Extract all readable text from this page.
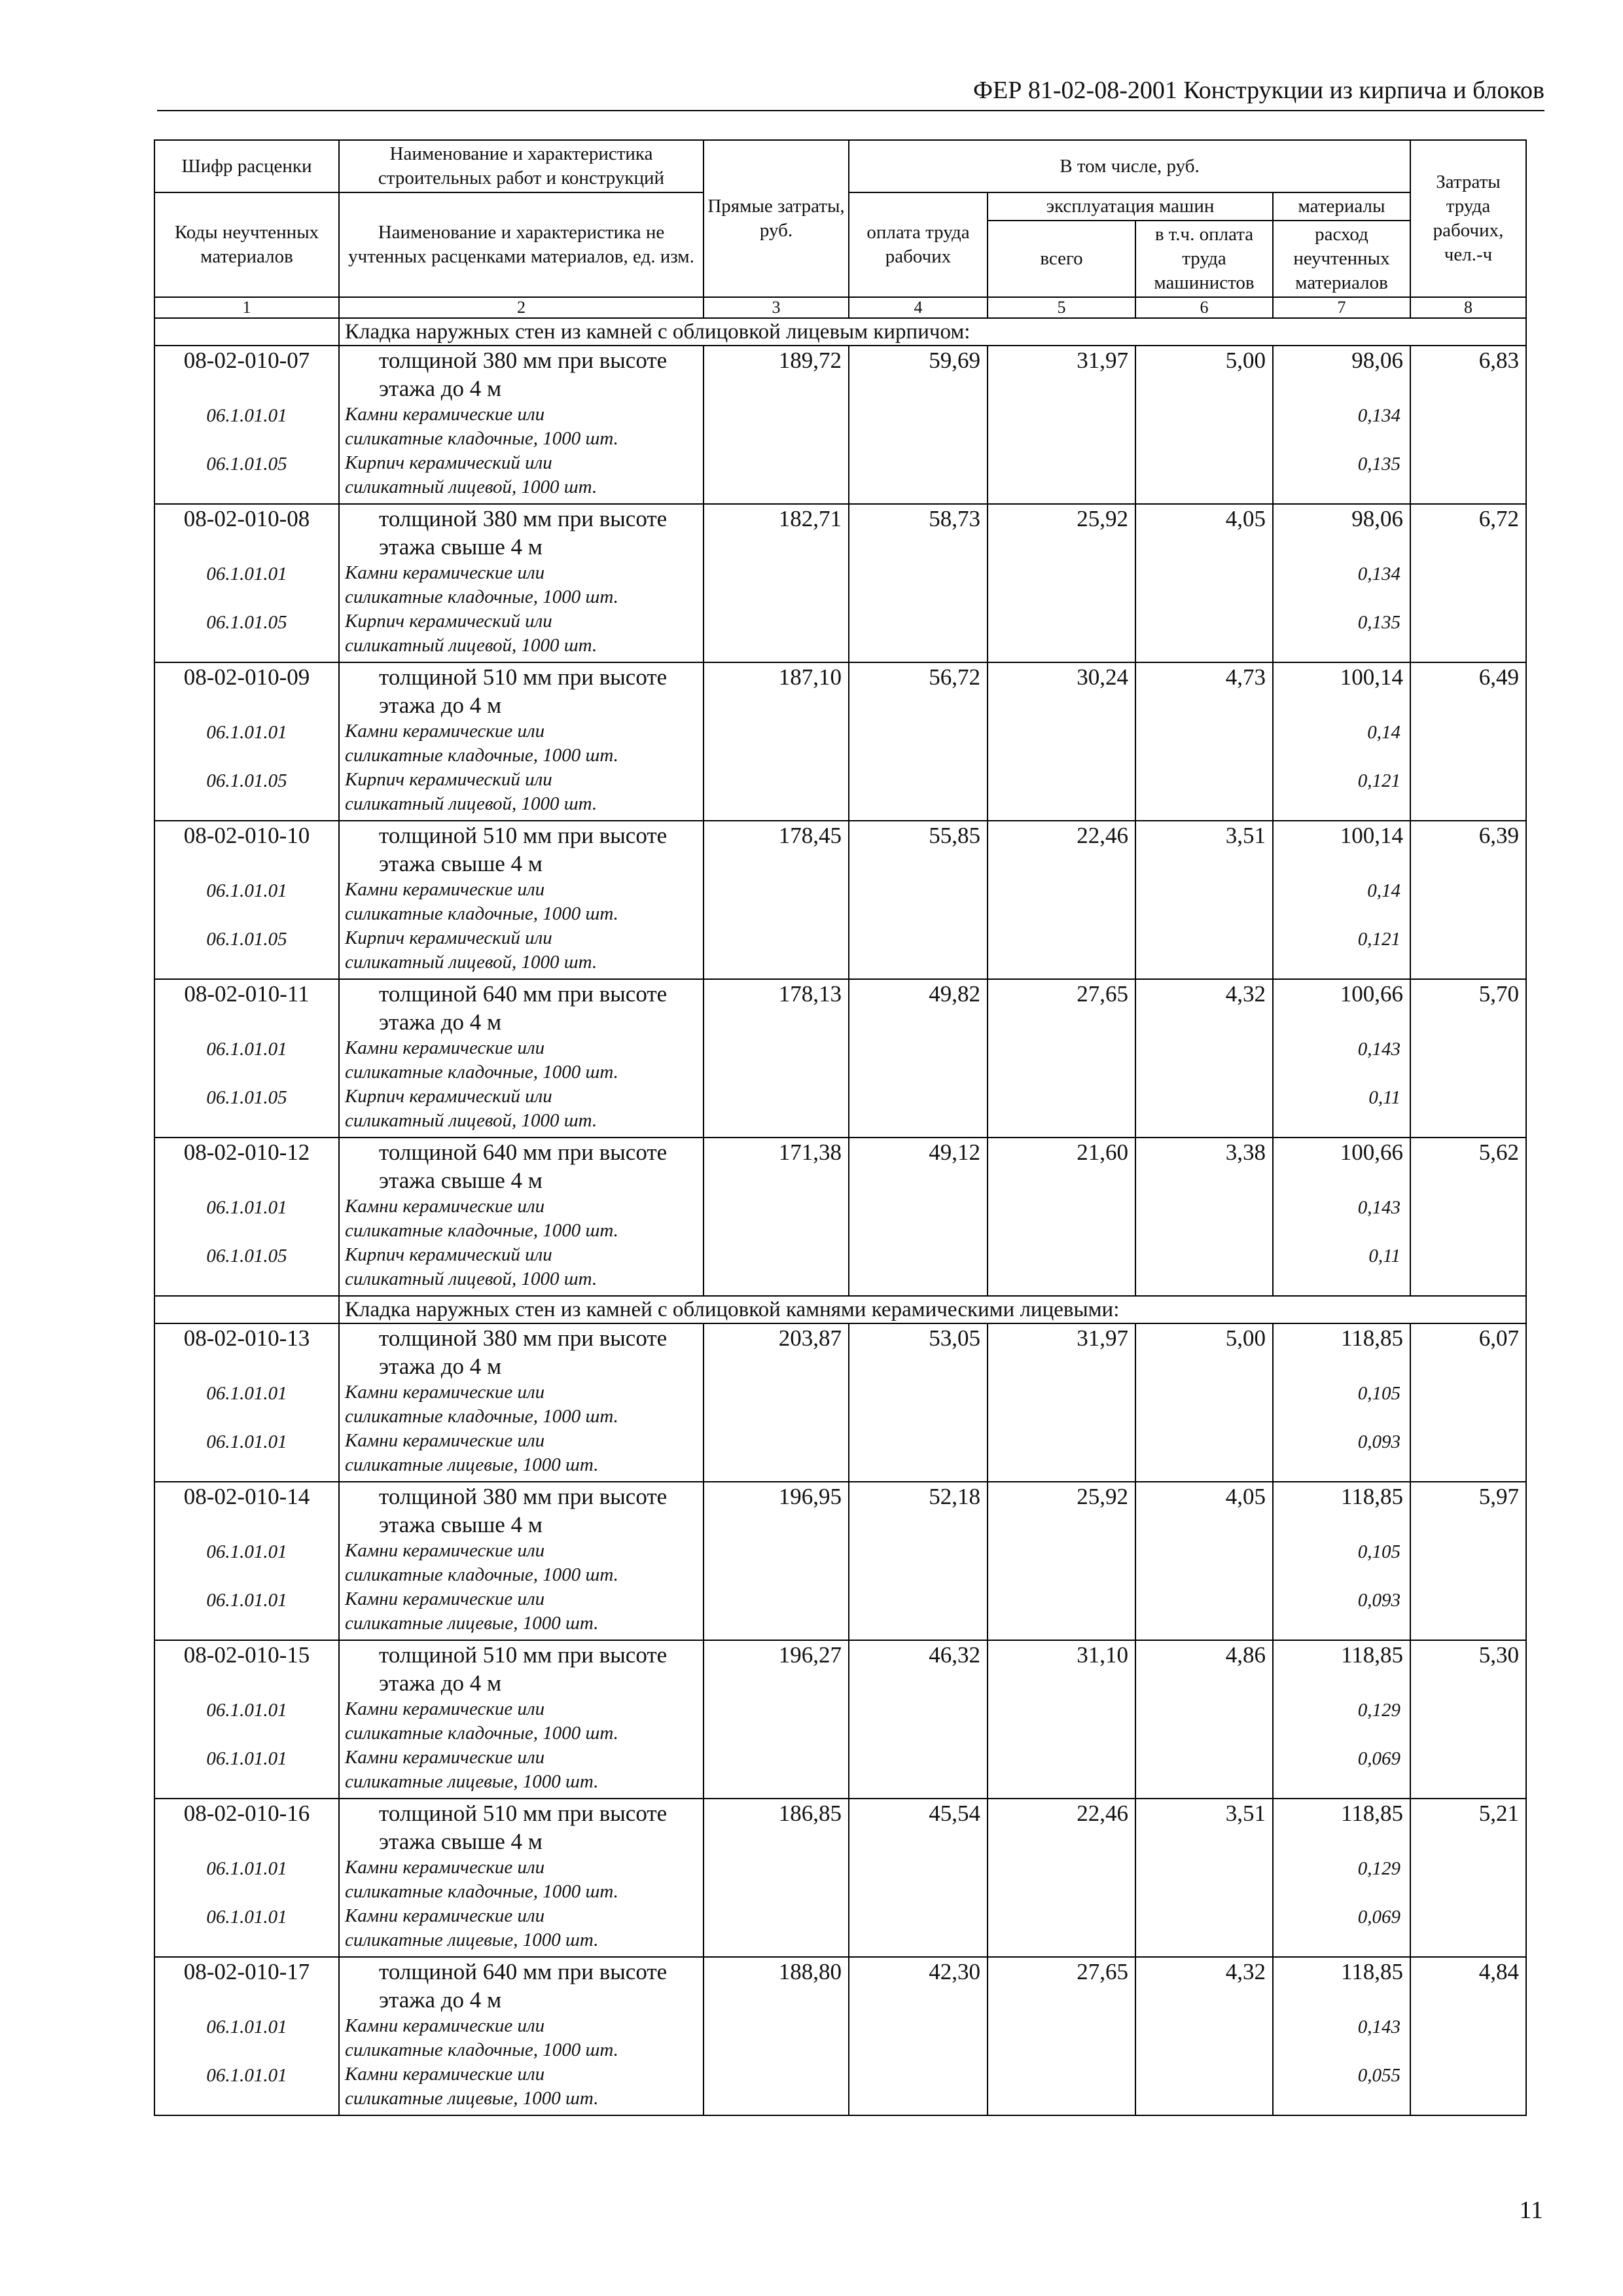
ФЕР 81-02-08-2001 Конструкции из кирпича и блоков
Шифр расценки	Наименование и характеристика строительных работ и конструкций	Прямые затраты, руб.	В том числе, руб.				Затраты труда рабочих, чел.-ч
Коды неучтенных материалов	Наименование и характеристика не учтенных расценками материалов, ед. изм.		оплата труда рабочих	эксплуатация машин		материалы	
				всего	в т.ч. оплата труда машинистов	расход неучтенных материалов	
1	2	3	4	5	6	7	8
	Кладка наружных стен из камней с облицовкой лицевым кирпичом:						
08-02-010-07	толщиной 380 мм при высоте
этажа до 4 м	189,72	59,69	31,97	5,00	98,06	6,83
06.1.01.01	Камни керамические или
силикатные кладочные, 1000 шт.					0,134	
06.1.01.05	Кирпич керамический или
силикатный лицевой, 1000 шт.					0,135	
08-02-010-08	толщиной 380 мм при высоте
этажа свыше 4 м	182,71	58,73	25,92	4,05	98,06	6,72
06.1.01.01	Камни керамические или
силикатные кладочные, 1000 шт.					0,134	
06.1.01.05	Кирпич керамический или
силикатный лицевой, 1000 шт.					0,135	
08-02-010-09	толщиной 510 мм при высоте
этажа до 4 м	187,10	56,72	30,24	4,73	100,14	6,49
06.1.01.01	Камни керамические или
силикатные кладочные, 1000 шт.					0,14	
06.1.01.05	Кирпич керамический или
силикатный лицевой, 1000 шт.					0,121	
08-02-010-10	толщиной 510 мм при высоте
этажа свыше 4 м	178,45	55,85	22,46	3,51	100,14	6,39
06.1.01.01	Камни керамические или
силикатные кладочные, 1000 шт.					0,14	
06.1.01.05	Кирпич керамический или
силикатный лицевой, 1000 шт.					0,121	
08-02-010-11	толщиной 640 мм при высоте
этажа до 4 м	178,13	49,82	27,65	4,32	100,66	5,70
06.1.01.01	Камни керамические или
силикатные кладочные, 1000 шт.					0,143	
06.1.01.05	Кирпич керамический или
силикатный лицевой, 1000 шт.					0,11	
08-02-010-12	толщиной 640 мм при высоте
этажа свыше 4 м	171,38	49,12	21,60	3,38	100,66	5,62
06.1.01.01	Камни керамические или
силикатные кладочные, 1000 шт.					0,143	
06.1.01.05	Кирпич керамический или
силикатный лицевой, 1000 шт.					0,11	
	Кладка наружных стен из камней с облицовкой камнями керамическими лицевыми:						
08-02-010-13	толщиной 380 мм при высоте
этажа до 4 м	203,87	53,05	31,97	5,00	118,85	6,07
06.1.01.01	Камни керамические или
силикатные кладочные, 1000 шт.					0,105	
06.1.01.01	Камни керамические или
силикатные лицевые, 1000 шт.					0,093	
08-02-010-14	толщиной 380 мм при высоте
этажа свыше 4 м	196,95	52,18	25,92	4,05	118,85	5,97
06.1.01.01	Камни керамические или
силикатные кладочные, 1000 шт.					0,105	
06.1.01.01	Камни керамические или
силикатные лицевые, 1000 шт.					0,093	
08-02-010-15	толщиной 510 мм при высоте
этажа до 4 м	196,27	46,32	31,10	4,86	118,85	5,30
06.1.01.01	Камни керамические или
силикатные кладочные, 1000 шт.					0,129	
06.1.01.01	Камни керамические или
силикатные лицевые, 1000 шт.					0,069	
08-02-010-16	толщиной 510 мм при высоте
этажа свыше 4 м	186,85	45,54	22,46	3,51	118,85	5,21
06.1.01.01	Камни керамические или
силикатные кладочные, 1000 шт.					0,129	
06.1.01.01	Камни керамические или
силикатные лицевые, 1000 шт.					0,069	
08-02-010-17	толщиной 640 мм при высоте
этажа до 4 м	188,80	42,30	27,65	4,32	118,85	4,84
06.1.01.01	Камни керамические или
силикатные кладочные, 1000 шт.					0,143	
06.1.01.01	Камни керамические или
силикатные лицевые, 1000 шт.					0,055	
11
